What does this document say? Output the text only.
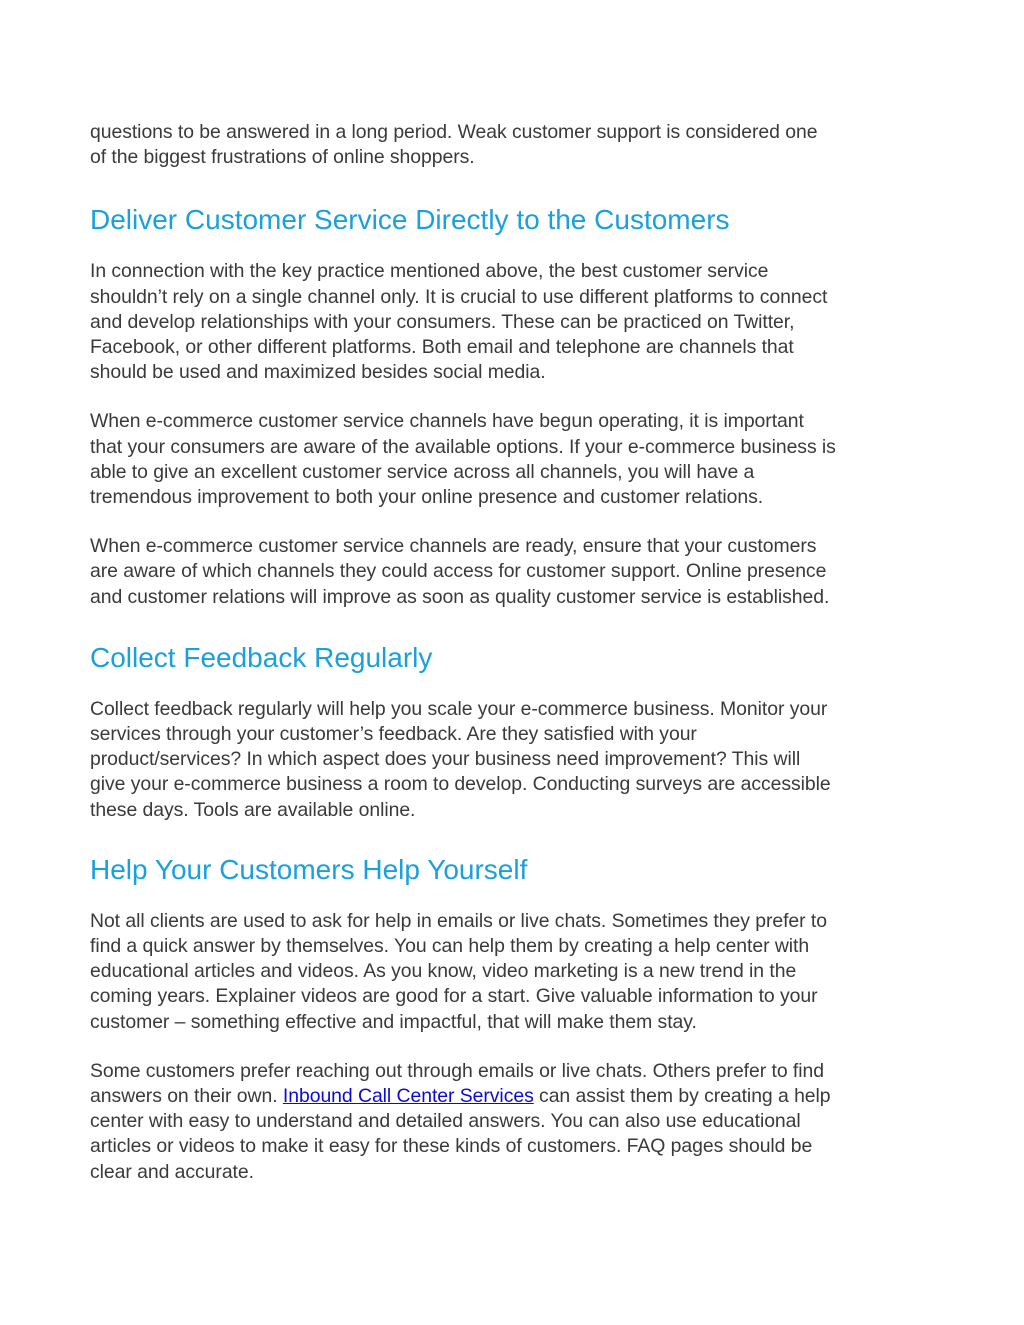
questions to be answered in a long period. Weak customer support is considered one
of the biggest frustrations of online shoppers.

Deliver Customer Service Directly to the Customers

In connection with the key practice mentioned above, the best customer service
shouldn’t rely on a single channel only. It is crucial to use different platforms to connect
and develop relationships with your consumers. These can be practiced on Twitter,
Facebook, or other different platforms. Both email and telephone are channels that
should be used and maximized besides social media.

When e-commerce customer service channels have begun operating, it is important
that your consumers are aware of the available options. If your e-commerce business is
able to give an excellent customer service across all channels, you will have a
tremendous improvement to both your online presence and customer relations.

When e-commerce customer service channels are ready, ensure that your customers
are aware of which channels they could access for customer support. Online presence
and customer relations will improve as soon as quality customer service is established.

Collect Feedback Regularly

Collect feedback regularly will help you scale your e-commerce business. Monitor your
services through your customer’s feedback. Are they satisfied with your
product/services? In which aspect does your business need improvement? This will
give your e-commerce business a room to develop. Conducting surveys are accessible
these days. Tools are available online.

Help Your Customers Help Yourself

Not all clients are used to ask for help in emails or live chats. Sometimes they prefer to
find a quick answer by themselves. You can help them by creating a help center with
educational articles and videos. As you know, video marketing is a new trend in the
coming years. Explainer videos are good for a start. Give valuable information to your
customer – something effective and impactful, that will make them stay.

Some customers prefer reaching out through emails or live chats. Others prefer to find
answers on their own. Inbound Call Center Services can assist them by creating a help
center with easy to understand and detailed answers. You can also use educational
articles or videos to make it easy for these kinds of customers. FAQ pages should be
clear and accurate.
